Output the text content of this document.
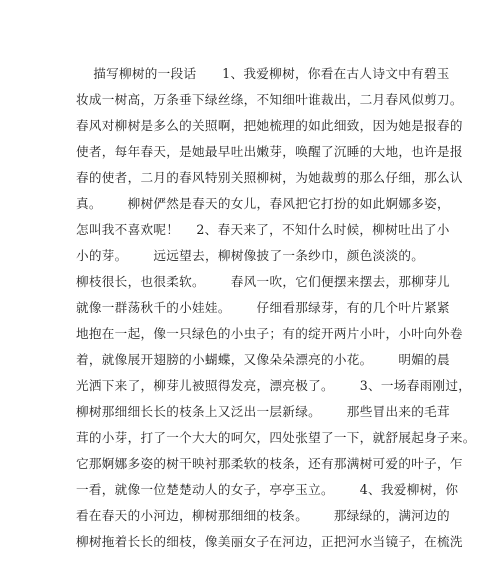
描写柳树的一段话      1、我爱柳树，你看在古人诗文中有碧玉
妆成一树高，万条垂下绿丝绦，不知细叶谁裁出，二月春风似剪刀。
春风对柳树是多么的关照啊，把她梳理的如此细致，因为她是报春的
使者，每年春天，是她最早吐出嫩芽，唤醒了沉睡的大地，也许是报
春的使者，二月的春风特别关照柳树，为她裁剪的那么仔细，那么认
真。      柳树俨然是春天的女儿，春风把它打扮的如此婀娜多姿，
怎叫我不喜欢呢！    2、春天来了，不知什么时候，柳树吐出了小
小的芽。      远远望去，柳树像披了一条纱巾，颜色淡淡的。
柳枝很长，也很柔软。      春风一吹，它们便摆来摆去，那柳芽儿
就像一群荡秋千的小娃娃。      仔细看那绿芽，有的几个叶片紧紧
地抱在一起，像一只绿色的小虫子；有的绽开两片小叶，小叶向外卷
着，就像展开翅膀的小蝴蝶，又像朵朵漂亮的小花。      明媚的晨
光洒下来了，柳芽儿被照得发亮，漂亮极了。      3、一场春雨刚过，
柳树那细细长长的枝条上又泛出一层新绿。      那些冒出来的毛茸
茸的小芽，打了一个大大的呵欠，四处张望了一下，就舒展起身子来。
它那婀娜多姿的树干映衬那柔软的枝条，还有那满树可爱的叶子，乍
一看，就像一位楚楚动人的女子，亭亭玉立。      4、我爱柳树，你
看在春天的小河边，柳树那细细的枝条。      那绿绿的，满河边的
柳树拖着长长的细枝，像美丽女子在河边，正把河水当镜子，在梳洗
